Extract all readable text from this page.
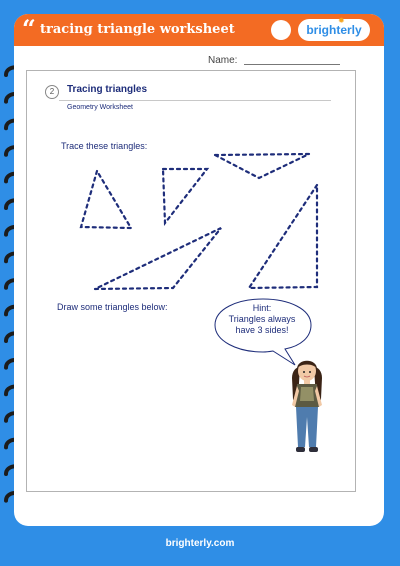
“ tracing triangle worksheet
✹
brighterly
Name:
2	Tracing triangles
Geometry Worksheet
Trace these triangles:
Draw some triangles below:	Hint:
Triangles always
have 3 sides!
brighterly.com
